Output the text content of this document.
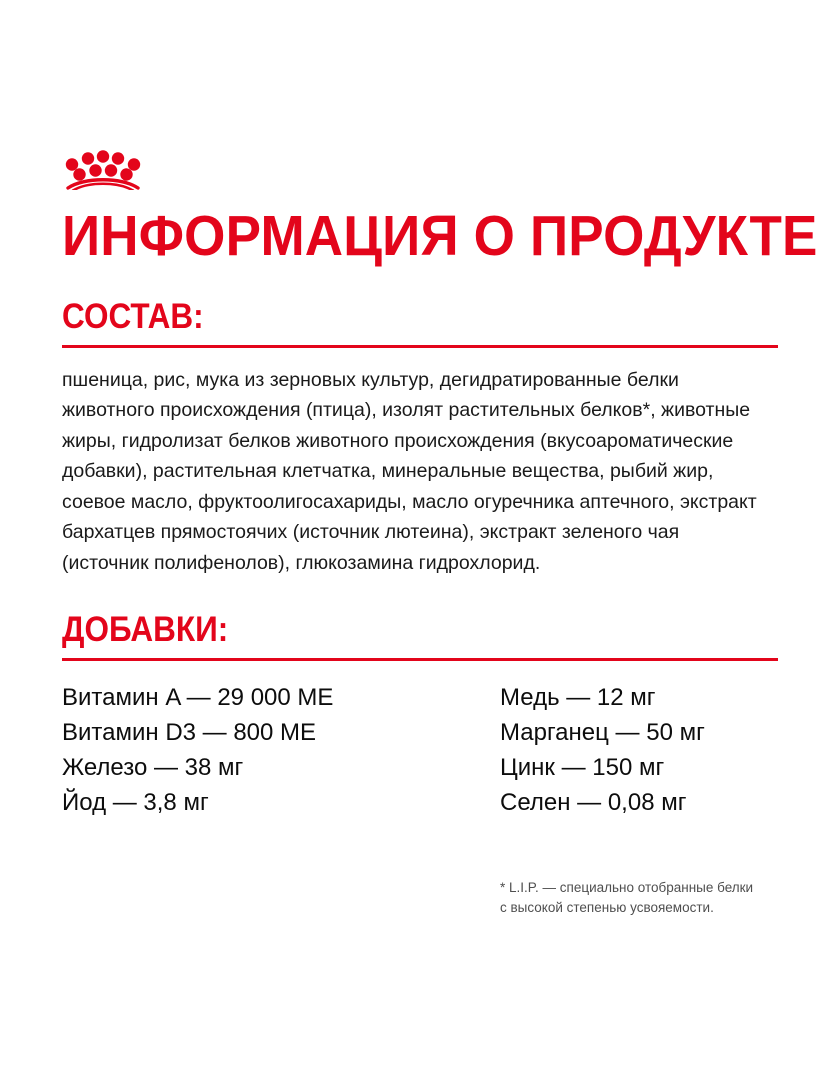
ИНФОРМАЦИЯ О ПРОДУКТЕ
СОСТАВ:

пшеница, рис, мука из зерновых культур, дегидратированные белки животного происхождения (птица), изолят растительных белков*, животные жиры, гидролизат белков животного происхождения (вкусоароматические добавки), растительная клетчатка, минеральные вещества, рыбий жир, соевое масло, фруктоолигосахариды, масло огуречника аптечного, экстракт бархатцев прямостоячих (источник лютеина), экстракт зеленого чая (источник полифенолов), глюкозамина гидрохлорид.

ДОБАВКИ:
Витамин A — 29 000 МЕ
Витамин D3 — 800 МЕ
Железо — 38 мг
Йод — 3,8 мг
Медь — 12 мг
Марганец — 50 мг
Цинк — 150 мг
Селен — 0,08 мг
* L.I.P. — специально отобранные белки
с высокой степенью усвояемости.
